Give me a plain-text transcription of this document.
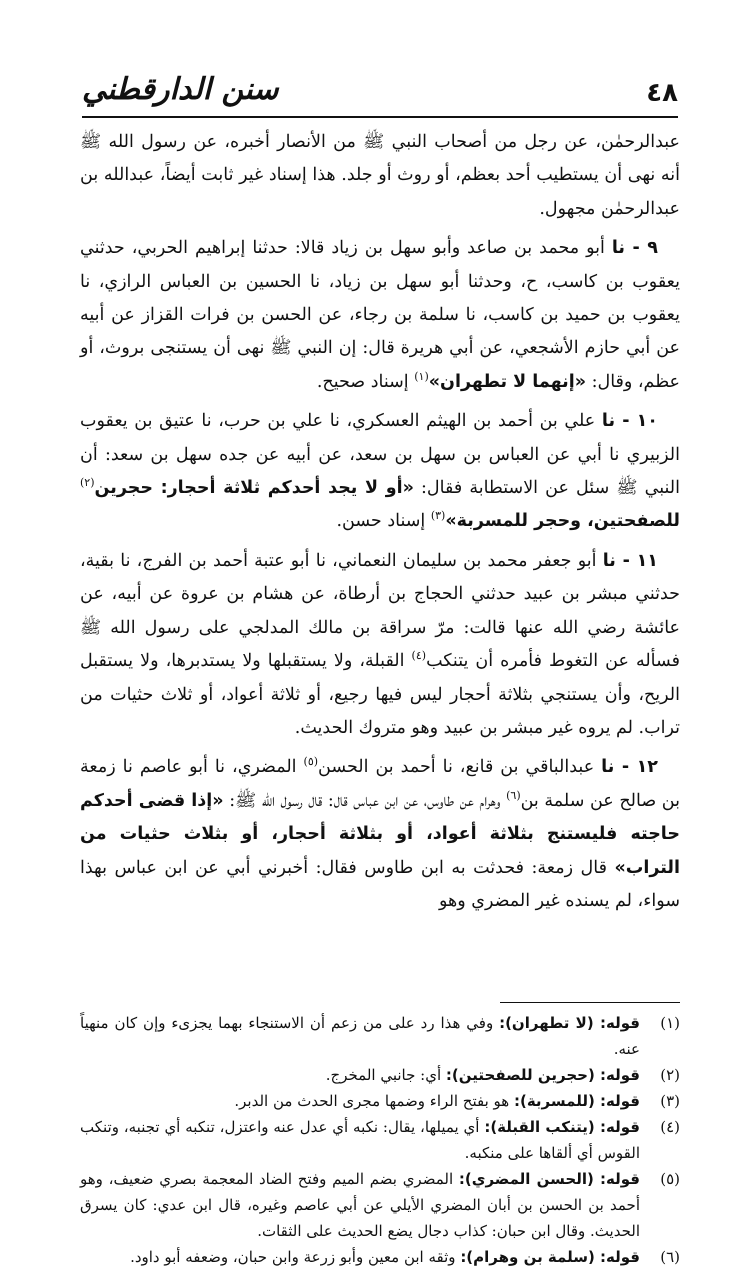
٤٨
سنن الدارقطني

عبدالرحمٰن، عن رجل من أصحاب النبي ﷺ من الأنصار أخبره، عن رسول الله ﷺ أنه نهى أن يستطيب أحد بعظم، أو روث أو جلد. هذا إسناد غير ثابت أيضاً، عبدالله بن عبدالرحمٰن مجهول.

٩ - نا أبو محمد بن صاعد وأبو سهل بن زياد قالا: حدثنا إبراهيم الحربي، حدثني يعقوب بن كاسب، ح، وحدثنا أبو سهل بن زياد، نا الحسين بن العباس الرازي، نا يعقوب بن حميد بن كاسب، نا سلمة بن رجاء، عن الحسن بن فرات القزاز عن أبيه عن أبي حازم الأشجعي، عن أبي هريرة قال: إن النبي ﷺ نهى أن يستنجى بروث، أو عظم، وقال: «إنهما لا تطهران»$^{(١)}$ إسناد صحيح.

١٠ - نا علي بن أحمد بن الهيثم العسكري، نا علي بن حرب، نا عتيق بن يعقوب الزبيري نا أبي عن العباس بن سهل بن سعد، عن أبيه عن جده سهل بن سعد: أن النبي ﷺ سئل عن الاستطابة فقال: «أو لا يجد أحدكم ثلاثة أحجار: حجرين$^{(٢)}$ للصفحتين، وحجر للمسربة»$^{(٣)}$ إسناد حسن.

١١ - نا أبو جعفر محمد بن سليمان النعماني، نا أبو عتبة أحمد بن الفرج، نا بقية، حدثني مبشر بن عبيد حدثني الحجاج بن أرطاة، عن هشام بن عروة عن أبيه، عن عائشة رضي الله عنها قالت: مرّ سراقة بن مالك المدلجي على رسول الله ﷺ فسأله عن التغوط فأمره أن يتنكب$^{(٤)}$ القبلة، ولا يستقبلها ولا يستدبرها، ولا يستقبل الريح، وأن يستنجي بثلاثة أحجار ليس فيها رجيع، أو ثلاثة أعواد، أو ثلاث حثيات من تراب. لم يروه غير مبشر بن عبيد وهو متروك الحديث.

١٢ - نا عبدالباقي بن قانع، نا أحمد بن الحسن$^{(٥)}$ المضري، نا أبو عاصم نا زمعة بن صالح عن سلمة بن$^{(٦)}$ وهرام عن طاوس، عن ابن عباس قال: قال رسول الله ﷺ: «إذا قضى أحدكم حاجته فليستنج بثلاثة أعواد، أو بثلاثة أحجار، أو بثلاث حثيات من التراب» قال زمعة: فحدثت به ابن طاوس فقال: أخبرني أبي عن ابن عباس بهذا سواء، لم يسنده غير المضري وهو

(١)
قوله: (لا تطهران): وفي هذا رد على من زعم أن الاستنجاء بهما يجزىء وإن كان منهياً عنه.
(٢)
قوله: (حجرين للصفحتين): أي: جانبي المخرج.
(٣)
قوله: (للمسربة): هو بفتح الراء وضمها مجرى الحدث من الدبر.
(٤)
قوله: (يتنكب القبلة): أي يميلها، يقال: نكبه أي عدل عنه واعتزل، تنكبه أي تجنبه، وتنكب القوس أي ألقاها على منكبه.
(٥)
قوله: (الحسن المضري): المضري بضم الميم وفتح الضاد المعجمة بصري ضعيف، وهو أحمد بن الحسن بن أبان المضري الأيلي عن أبي عاصم وغيره، قال ابن عدي: كان يسرق الحديث. وقال ابن حبان: كذاب دجال يضع الحديث على الثقات.
(٦)
قوله: (سلمة بن وهرام): وثقه ابن معين وأبو زرعة وابن حبان، وضعفه أبو داود.
